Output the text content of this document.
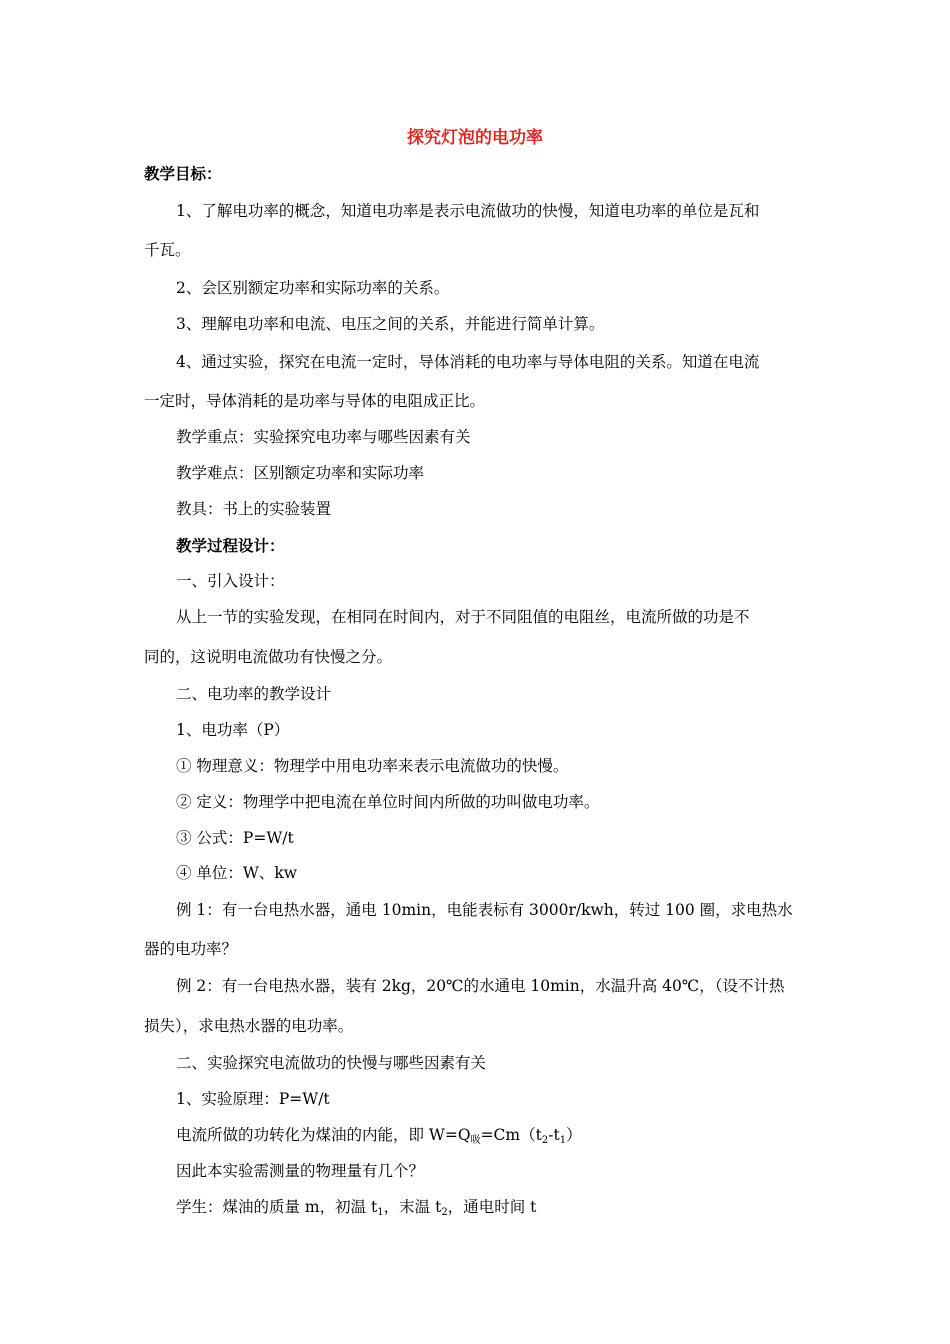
探究灯泡的电功率
教学目标：
1、了解电功率的概念，知道电功率是表示电流做功的快慢，知道电功率的单位是瓦和
千瓦。
2、会区别额定功率和实际功率的关系。
3、理解电功率和电流、电压之间的关系，并能进行简单计算。
4、通过实验，探究在电流一定时，导体消耗的电功率与导体电阻的关系。知道在电流
一定时，导体消耗的是功率与导体的电阻成正比。
教学重点：实验探究电功率与哪些因素有关
教学难点：区别额定功率和实际功率
教具：书上的实验装置
教学过程设计：
一、引入设计：
从上一节的实验发现，在相同在时间内，对于不同阻值的电阻丝，电流所做的功是不
同的，这说明电流做功有快慢之分。
二、电功率的教学设计
1、电功率（P）
① 物理意义：物理学中用电功率来表示电流做功的快慢。
② 定义：物理学中把电流在单位时间内所做的功叫做电功率。
③ 公式：P=W/t
④ 单位：W、kw
例 1：有一台电热水器，通电 10min，电能表标有 3000r/kwh，转过 100 圈，求电热水
器的电功率？
例 2：有一台电热水器，装有 2kg，20℃的水通电 10min，水温升高 40℃，（设不计热
损失），求电热水器的电功率。
二、实验探究电流做功的快慢与哪些因素有关
1、实验原理：P=W/t
电流所做的功转化为煤油的内能，即 $W=Q_吸=Cm(t_2-t_1)$
因此本实验需测量的物理量有几个？
学生：煤油的质量 m，初温 $t_1$，末温 $t_2$，通电时间 t
